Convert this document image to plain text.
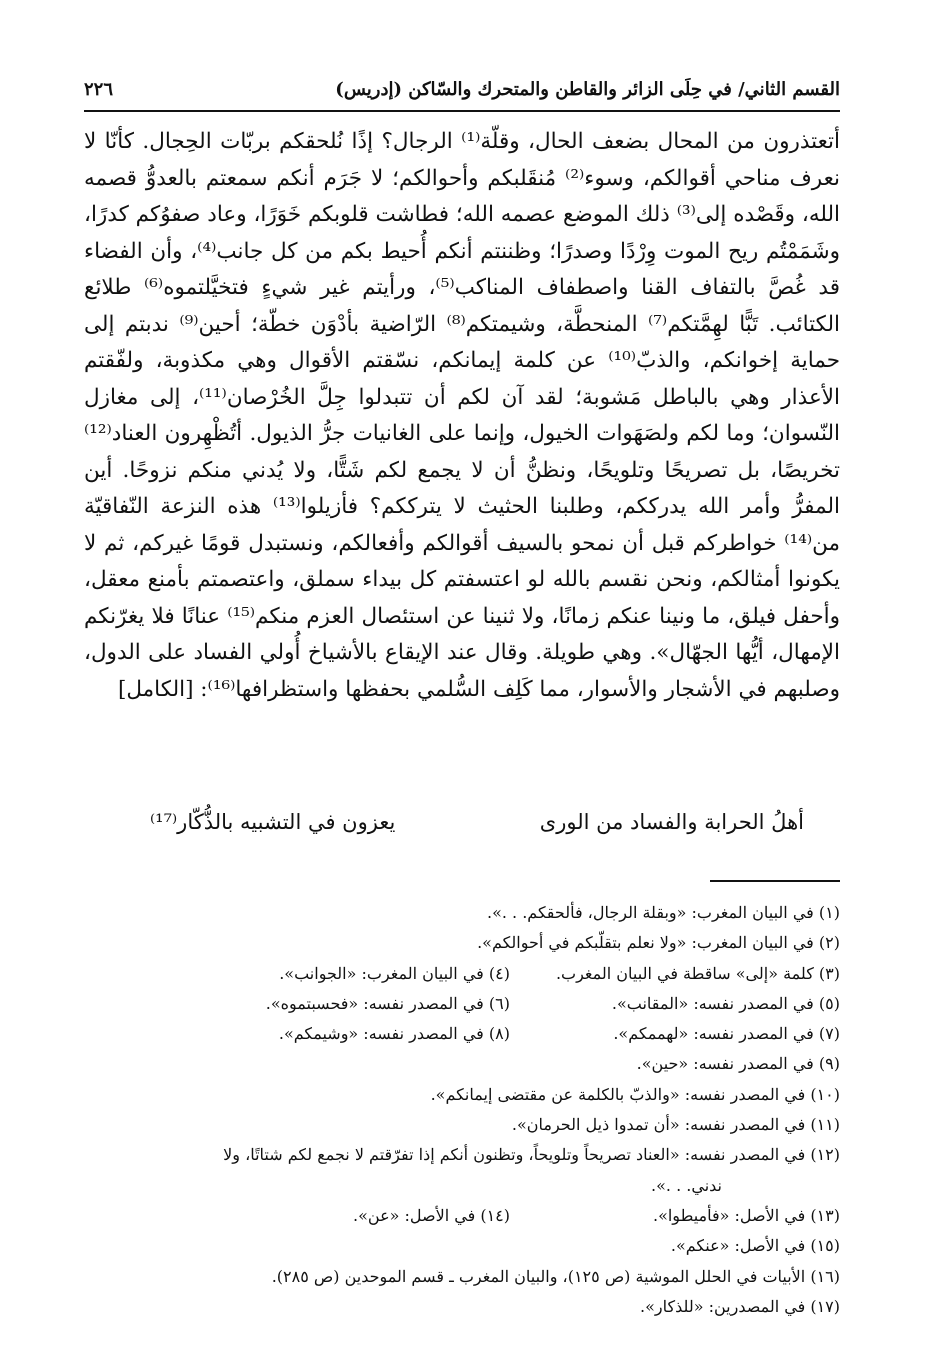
القسم الثاني/ في حِلَى الزائر والقاطن والمتحرك والسّاكن (إدريس)
٢٢٦

أتعتذرون من المحال بضعف الحال، وقلّة⁽¹⁾ الرجال؟ إذًا نُلحقكم بربّات الحِجال. كأنّا لا نعرف مناحي أقوالكم، وسوء⁽²⁾ مُنقَلبكم وأحوالكم؛ لا جَرَم أنكم سمعتم بالعدوُّ قصمه الله، وقَصْده إلى⁽³⁾ ذلك الموضع عصمه الله؛ فطاشت قلوبكم خَوَرًا، وعاد صفوُكم كدرًا، وشَمَمْتُم ريح الموت وِرْدًا وصدرًا؛ وظننتم أنكم أُحيط بكم من كل جانب⁽⁴⁾، وأن الفضاء قد غُصَّ بالتفاف القنا واصطفاف المناكب⁽⁵⁾، ورأيتم غير شيءٍ فتخيَّلتموه⁽⁶⁾ طلائع الكتائب. تَبًّا لهِمَّتكم⁽⁷⁾ المنحطَّة، وشيمتكم⁽⁸⁾ الرّاضية بأدْوَن خطّة؛ أحين⁽⁹⁾ ندبتم إلى حماية إخوانكم، والذبّ⁽¹⁰⁾ عن كلمة إيمانكم، نسّقتم الأقوال وهي مكذوبة، ولفّقتم الأعذار وهي بالباطل مَشوبة؛ لقد آن لكم أن تتبدلوا جِلَّ الخُرْصان⁽¹¹⁾، إلى مغازل النّسوان؛ وما لكم ولصَهَوات الخيول، وإنما على الغانيات جرُّ الذيول. أتُظْهِرون العناد⁽¹²⁾ تخريصًا، بل تصريحًا وتلويحًا، ونظنُّ أن لا يجمع لكم شَتًّا، ولا يُدني منكم نزوحًا. أين المفرُّ وأمر الله يدرككم، وطلبنا الحثيث لا يترككم؟ فأزيلوا⁽¹³⁾ هذه النزعة النّفاقيّة من⁽¹⁴⁾ خواطركم قبل أن نمحو بالسيف أقوالكم وأفعالكم، ونستبدل قومًا غيركم، ثم لا يكونوا أمثالكم، ونحن نقسم بالله لو اعتسفتم كل بيداء سملق، واعتصمتم بأمنع معقل، وأحفل فيلق، ما ونينا عنكم زمانًا، ولا ثنينا عن استئصال العزم منكم⁽¹⁵⁾ عنانًا فلا يغرّنكم الإمهال، أيُّها الجهّال». وهي طويلة. وقال عند الإيقاع بالأشياخ أُولي الفساد على الدول، وصلبهم في الأشجار والأسوار، مما كَلِف السُّلمي بحفظها واستظرافها⁽¹⁶⁾: [الكامل]

أهلُ الحرابة والفساد من الورى
يعزون في التشبيه بالذُّكّار⁽¹⁷⁾
(١) في البيان المغرب: «وبقلة الرجال، فألحقكم. . .».
(٢) في البيان المغرب: «ولا نعلم بتقلّبكم في أحوالكم».
(٣) كلمة «إلى» ساقطة في البيان المغرب.
(٤) في البيان المغرب: «الجوانب».
(٥) في المصدر نفسه: «المقانب».
(٦) في المصدر نفسه: «فحسبتموه».
(٧) في المصدر نفسه: «لهممكم».
(٨) في المصدر نفسه: «وشيمكم».
(٩) في المصدر نفسه: «حين».
(١٠) في المصدر نفسه: «والذبّ بالكلمة عن مقتضى إيمانكم».
(١١) في المصدر نفسه: «أن تمدوا ذيل الحرمان».
(١٢) في المصدر نفسه: «العناد تصريحاً وتلويحاً، وتظنون أنكم إذا تفرّقتم لا نجمع لكم شتاتًا، ولا
ندني. . .».
(١٣) في الأصل: «فأميطوا».
(١٤) في الأصل: «عن».
(١٥) في الأصل: «عنكم».
(١٦) الأبيات في الحلل الموشية (ص ١٢٥)، والبيان المغرب ـ قسم الموحدين (ص ٢٨٥).
(١٧) في المصدرين: «للذكار».
